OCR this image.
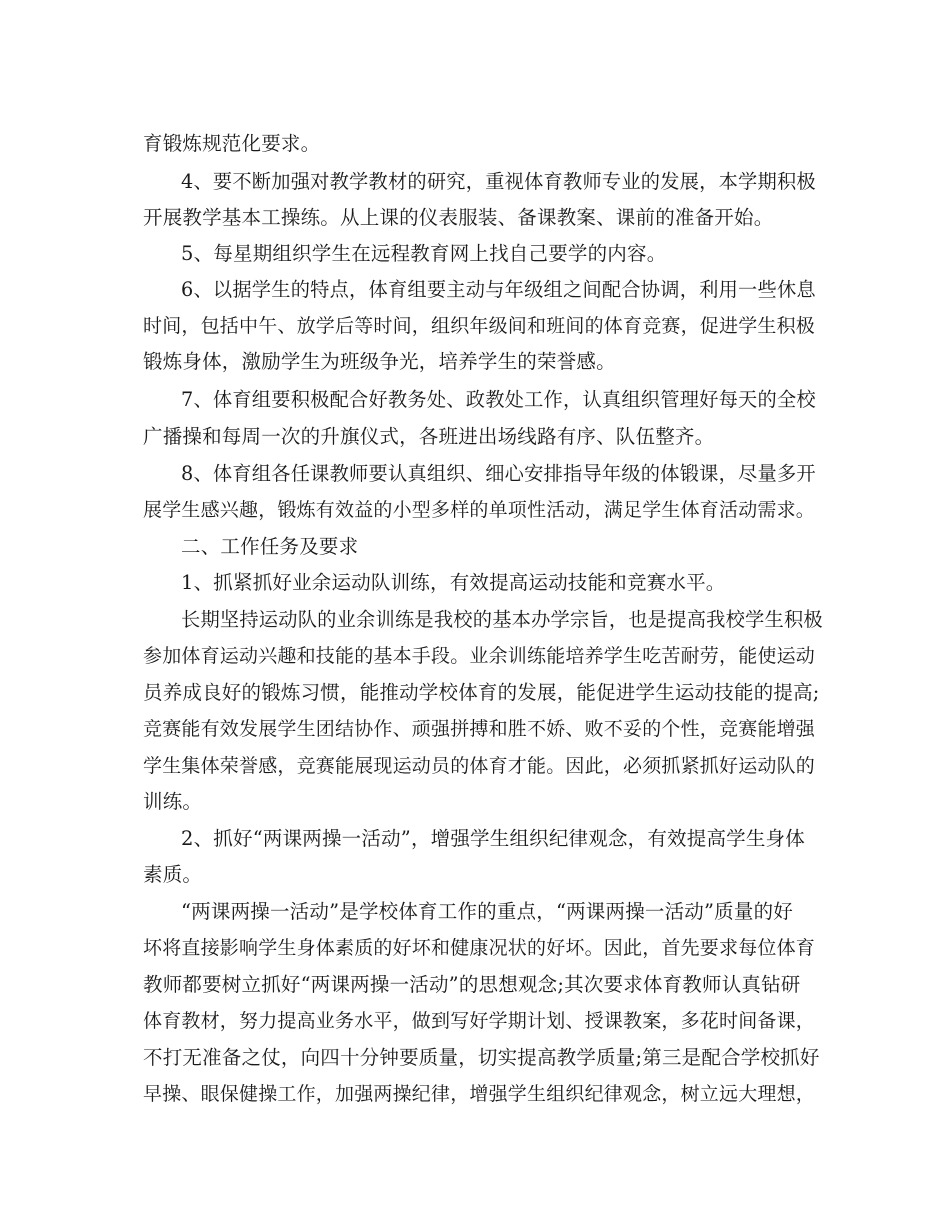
育锻炼规范化要求。
4、要不断加强对教学教材的研究，重视体育教师专业的发展，本学期积极
开展教学基本工操练。从上课的仪表服装、备课教案、课前的准备开始。
5、每星期组织学生在远程教育网上找自己要学的内容。
6、以据学生的特点，体育组要主动与年级组之间配合协调，利用一些休息
时间，包括中午、放学后等时间，组织年级间和班间的体育竞赛，促进学生积极
锻炼身体，激励学生为班级争光，培养学生的荣誉感。
7、体育组要积极配合好教务处、政教处工作，认真组织管理好每天的全校
广播操和每周一次的升旗仪式，各班进出场线路有序、队伍整齐。
8、体育组各任课教师要认真组织、细心安排指导年级的体锻课，尽量多开
展学生感兴趣，锻炼有效益的小型多样的单项性活动，满足学生体育活动需求。
二、工作任务及要求
1、抓紧抓好业余运动队训练，有效提高运动技能和竞赛水平。
长期坚持运动队的业余训练是我校的基本办学宗旨，也是提高我校学生积极
参加体育运动兴趣和技能的基本手段。业余训练能培养学生吃苦耐劳，能使运动
员养成良好的锻炼习惯，能推动学校体育的发展，能促进学生运动技能的提高;
竞赛能有效发展学生团结协作、顽强拼搏和胜不娇、败不妥的个性，竞赛能增强
学生集体荣誉感，竞赛能展现运动员的体育才能。因此，必须抓紧抓好运动队的
训练。
2、抓好“两课两操一活动”，增强学生组织纪律观念，有效提高学生身体
素质。
“两课两操一活动”是学校体育工作的重点，“两课两操一活动”质量的好
坏将直接影响学生身体素质的好坏和健康况状的好坏。因此，首先要求每位体育
教师都要树立抓好“两课两操一活动”的思想观念;其次要求体育教师认真钻研
体育教材，努力提高业务水平，做到写好学期计划、授课教案，多花时间备课，
不打无准备之仗，向四十分钟要质量，切实提高教学质量;第三是配合学校抓好
早操、眼保健操工作，加强两操纪律，增强学生组织纪律观念，树立远大理想，
